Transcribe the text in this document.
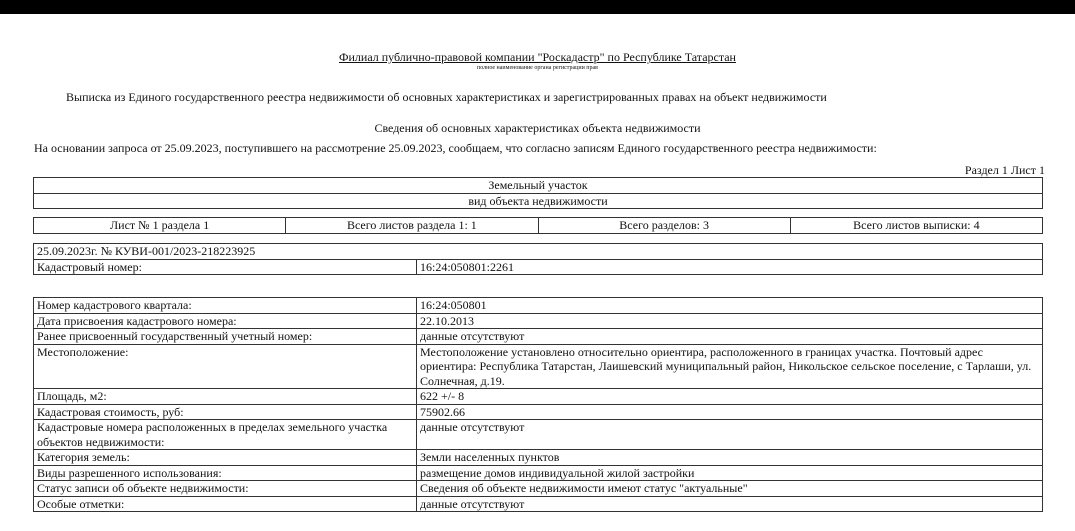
Филиал публично-правовой компании "Роскадастр" по Республике Татарстан
полное наименование органа регистрации прав
Выписка из Единого государственного реестра недвижимости об основных характеристиках и зарегистрированных правах на объект недвижимости
Сведения об основных характеристиках объекта недвижимости
На основании запроса от 25.09.2023, поступившего на рассмотрение 25.09.2023, сообщаем, что согласно записям Единого государственного реестра недвижимости:
Раздел 1 Лист 1
Земельный участок
вид объекта недвижимости
Лист № 1 раздела 1	Всего листов раздела 1: 1	Всего разделов: 3	Всего листов выписки: 4
25.09.2023г. № КУВИ-001/2023-218223925
Кадастровый номер:	16:24:050801:2261
Номер кадастрового квартала:	16:24:050801
Дата присвоения кадастрового номера:	22.10.2013
Ранее присвоенный государственный учетный номер:	данные отсутствуют
Местоположение:	Местоположение установлено относительно ориентира, расположенного в границах участка. Почтовый адрес ориентира: Республика Татарстан, Лаишевский муниципальный район, Никольское сельское поселение, с Тарлаши, ул. Солнечная, д.19.
Площадь, м2:	622 +/- 8
Кадастровая стоимость, руб:	75902.66
Кадастровые номера расположенных в пределах земельного участка объектов недвижимости:	данные отсутствуют
Категория земель:	Земли населенных пунктов
Виды разрешенного использования:	размещение домов индивидуальной жилой застройки
Статус записи об объекте недвижимости:	Сведения об объекте недвижимости имеют статус "актуальные"
Особые отметки:	данные отсутствуют
